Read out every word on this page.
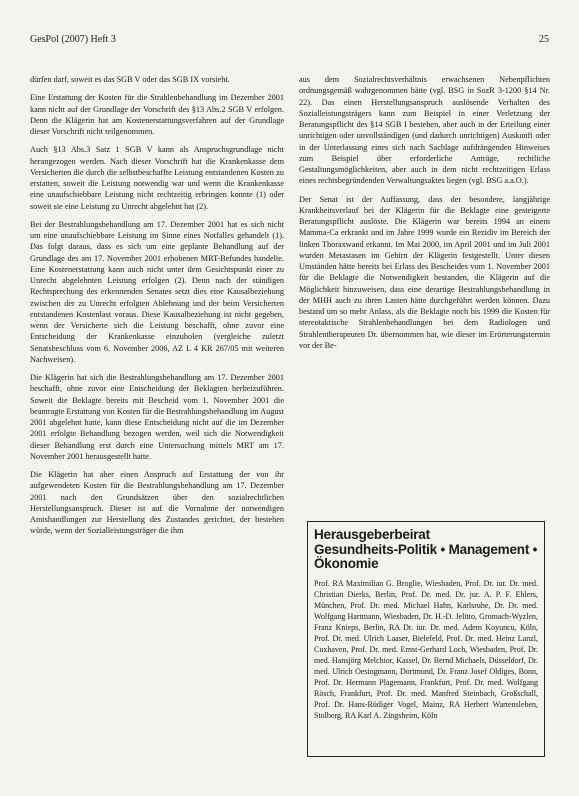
GesPol (2007) Heft 3	25

dürfen darf, soweit es das SGB V oder das SGB IX vorsieht.

Eine Erstattung der Kosten für die Strahlenbehandlung im Dezember 2001 kann nicht auf der Grundlage der Vorschrift des §13 Abs.2 SGB V erfolgen. Denn die Klägerin hat am Kostenerstattungsverfahren auf der Grundlage dieser Vorschrift nicht teilgenommen.

Auch §13 Abs.3 Satz 1 SGB V kann als Anspruchsgrundlage nicht herangezogen werden. Nach dieser Vorschrift hat die Krankenkasse dem Versicherten die durch die selbstbeschaffte Leistung entstandenen Kosten zu erstatten, soweit die Leistung notwendig war und wenn die Krankenkasse eine unaufschiebbare Leistung nicht rechtzeitig erbringen konnte (1) oder soweit sie eine Leistung zu Unrecht abgelehnt hat (2).

Bei der Bestrahlungsbehandlung am 17. Dezember 2001 hat es sich nicht um eine unaufschiebbare Leistung im Sinne eines Notfalles gehandelt (1). Das folgt daraus, dass es sich um eine geplante Behandlung auf der Grundlage des am 17. November 2001 erhobenen MRT-Befundes handelte. Eine Kostenerstattung kann auch nicht unter dem Gesichtspunkt einer zu Unrecht abgelehnten Leistung erfolgen (2). Denn nach der ständigen Rechtsprechung des erkennenden Senates setzt dies eine Kausalbeziehung zwischen der zu Unrecht erfolgten Ablehnung und der beim Versicherten entstandenen Kostenlast voraus. Diese Kausalbeziehung ist nicht gegeben, wenn der Versicherte sich die Leistung beschafft, ohne zuvor eine Entscheidung der Krankenkasse einzuholen (vergleiche zuletzt Senatsbeschluss vom 6. November 2006, AZ L 4 KR 267/05 mit weiteren Nachweisen).

Die Klägerin hat sich die Bestrahlungsbehandlung am 17. Dezember 2001 beschafft, ohne zuvor eine Entscheidung der Beklagten herbeizuführen. Soweit die Beklagte bereits mit Bescheid vom 1. November 2001 die beantragte Erstattung von Kosten für die Bestrahlungsbehandlung im August 2001 abgelehnt hatte, kann diese Entscheidung nicht auf die im Dezember 2001 erfolgte Behandlung bezogen werden, weil sich die Notwendigkeit dieser Behandlung erst durch eine Untersuchung mittels MRT am 17. November 2001 herausgestellt hatte.

Die Klägerin hat aber einen Anspruch auf Erstattung der von ihr aufgewendeten Kosten für die Bestrahlungsbehandlung am 17. Dezember 2001 nach den Grundsätzen über den sozialrechtlichen Herstellungsanspruch. Dieser ist auf die Vornahme der notwendigen Amtshandlungen zur Herstellung des Zustandes gerichtet, der bestehen würde, wenn der Sozialleistungsträger die ihm

aus dem Sozialrechtsverhältnis erwachsenen Nebenpflichten ordnungsgemäß wahrgenommen hätte (vgl. BSG in SozR 3-1200 §14 Nr. 22). Das einen Herstellungsanspruch auslösende Verhalten des Sozialleistungsträgers kann zum Beispiel in einer Verletzung der Beratungspflicht des §14 SGB I bestehen, aber auch in der Erteilung einer unrichtigen oder unvollständigen (und dadurch unrichtigen) Auskunft oder in der Unterlassung eines sich nach Sachlage aufdrängenden Hinweises zum Beispiel über erforderliche Anträge, rechtliche Gestaltungsmöglichkeiten, aber auch in dem nicht rechtzeitigen Erlass eines rechtsbegründenden Verwaltungsaktes liegen (vgl. BSG a.a.O.).

Der Senat ist der Auffassung, dass der besondere, langjährige Krankheitsverlauf bei der Klägerin für die Beklagte eine gesteigerte Beratungspflicht auslöste. Die Klägerin war bereits 1994 an einem Mamma-Ca erkrankt und im Jahre 1999 wurde ein Rezidiv im Bereich der linken Thoraxwand erkannt. Im Mai 2000, im April 2001 und im Juli 2001 wurden Metastasen im Gehirn der Klägerin festgestellt. Unter diesen Umständen hätte bereits bei Erlass des Bescheides vom 1. November 2001 für die Beklagte die Notwendigkeit bestanden, die Klägerin auf die Möglichkeit hinzuweisen, dass eine derartige Bestrahlungsbehandlung in der MHH auch zu ihren Lasten hätte durchgeführt werden können. Dazu bestand um so mehr Anlass, als die Beklagte noch bis 1999 die Kosten für stereotaktische Strahlenbehandlungen bei dem Radiologen und Strahlentherapeuten Dr. übernommen hat, wie dieser im Erörterungstermin vor der Be-

Herausgeberbeirat
Gesundheits-Politik • Management •
Ökonomie
Prof. RA Maximilian G. Broglie, Wiesbaden, Prof. Dr. iur. Dr. med. Christian Dierks, Berlin, Prof. Dr. med. Dr. jur. A. P. F. Ehlers, München, Prof. Dr. med. Michael Hahn, Karlsruhe, Dr. Dr. med. Wolfgang Hartmann, Wiesbaden, Dr. H.-D. Jelitto, Gromach-Wyzlen, Franz Knieps, Berlin, RA Dr. iur. Dr. med. Adem Koyuncu, Köln, Prof. Dr. med. Ulrich Laaser, Bielefeld, Prof. Dr. med. Heinz Lanzl, Cuxhaven, Prof. Dr. med. Ernst-Gerhard Loch, Wiesbaden, Prof. Dr. med. Hansjörg Melchior, Kassel, Dr. Bernd Michaels, Düsseldorf, Dr. med. Ulrich Oesingmann, Dortmund, Dr. Franz Josef Oldiges, Bonn, Prof. Dr. Hermann Plagemann, Frankfurt, Prof. Dr. med. Wolfgang Rösch, Frankfurt, Prof. Dr. med. Manfred Steinbach, Großschall, Prof. Dr. Hans-Rüdiger Vogel, Mainz, RA Herbert Wartensleben, Stolberg, RA Karl A. Zingsheim, Köln
